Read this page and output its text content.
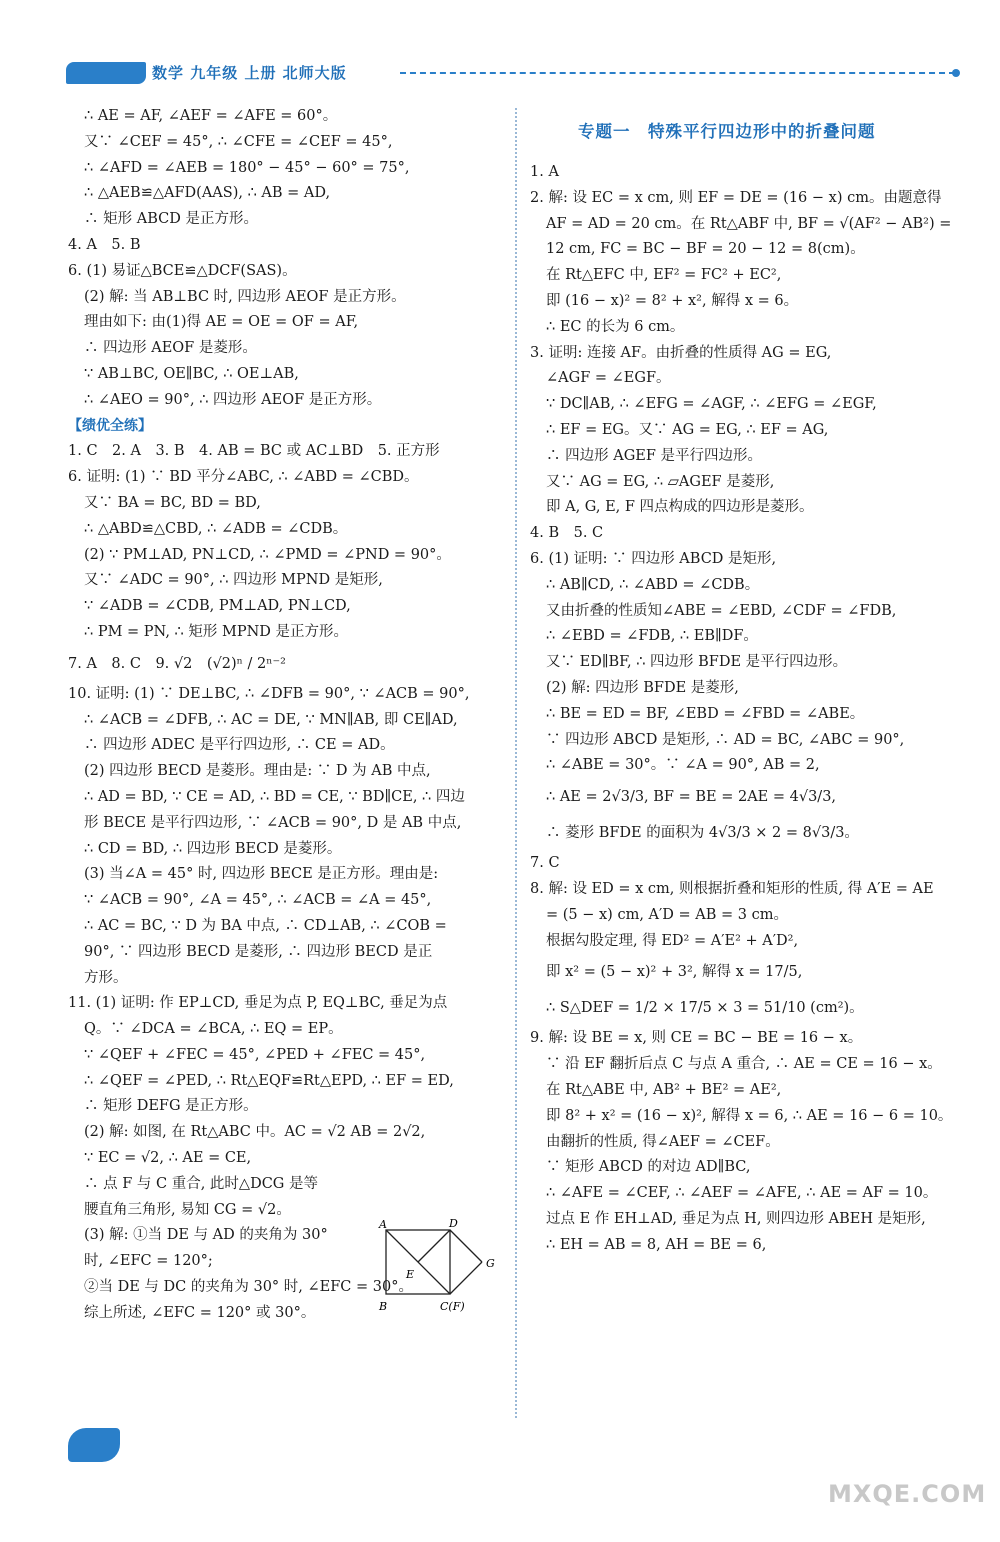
数学 九年级 上册 北师大版
专题一　特殊平行四边形中的折叠问题
∴ AE = AF, ∠AEF = ∠AFE = 60°。
又∵ ∠CEF = 45°, ∴ ∠CFE = ∠CEF = 45°,
∴ ∠AFD = ∠AEB = 180° − 45° − 60° = 75°,
∴ △AEB≌△AFD(AAS), ∴ AB = AD,
∴ 矩形 ABCD 是正方形。
4. A　5. B
6. (1) 易证△BCE≌△DCF(SAS)。
(2) 解: 当 AB⊥BC 时, 四边形 AEOF 是正方形。
理由如下: 由(1)得 AE = OE = OF = AF,
∴ 四边形 AEOF 是菱形。
∵ AB⊥BC, OE∥BC, ∴ OE⊥AB,
∴ ∠AEO = 90°, ∴ 四边形 AEOF 是正方形。
【绩优全练】
1. C　2. A　3. B　4. AB = BC 或 AC⊥BD　5. 正方形
6. 证明: (1) ∵ BD 平分∠ABC, ∴ ∠ABD = ∠CBD。
又∵ BA = BC, BD = BD,
∴ △ABD≌△CBD, ∴ ∠ADB = ∠CDB。
(2) ∵ PM⊥AD, PN⊥CD, ∴ ∠PMD = ∠PND = 90°。
又∵ ∠ADC = 90°, ∴ 四边形 MPND 是矩形,
∵ ∠ADB = ∠CDB, PM⊥AD, PN⊥CD,
∴ PM = PN, ∴ 矩形 MPND 是正方形。
7. A　8. C　9. √2　(√2)ⁿ / 2ⁿ⁻²
10. 证明: (1) ∵ DE⊥BC, ∴ ∠DFB = 90°, ∵ ∠ACB = 90°,
∴ ∠ACB = ∠DFB, ∴ AC = DE, ∵ MN∥AB, 即 CE∥AD,
∴ 四边形 ADEC 是平行四边形, ∴ CE = AD。
(2) 四边形 BECD 是菱形。理由是: ∵ D 为 AB 中点,
∴ AD = BD, ∵ CE = AD, ∴ BD = CE, ∵ BD∥CE, ∴ 四边
形 BECE 是平行四边形, ∵ ∠ACB = 90°, D 是 AB 中点,
∴ CD = BD, ∴ 四边形 BECD 是菱形。
(3) 当∠A = 45° 时, 四边形 BECE 是正方形。理由是:
∵ ∠ACB = 90°, ∠A = 45°, ∴ ∠ACB = ∠A = 45°,
∴ AC = BC, ∵ D 为 BA 中点, ∴ CD⊥AB, ∴ ∠COB =
90°, ∵ 四边形 BECD 是菱形, ∴ 四边形 BECD 是正
方形。
11. (1) 证明: 作 EP⊥CD, 垂足为点 P, EQ⊥BC, 垂足为点
Q。∵ ∠DCA = ∠BCA, ∴ EQ = EP。
∵ ∠QEF + ∠FEC = 45°, ∠PED + ∠FEC = 45°,
∴ ∠QEF = ∠PED, ∴ Rt△EQF≌Rt△EPD, ∴ EF = ED,
∴ 矩形 DEFG 是正方形。
(2) 解: 如图, 在 Rt△ABC 中。AC = √2 AB = 2√2,
∵ EC = √2, ∴ AE = CE,
∴ 点 F 与 C 重合, 此时△DCG 是等
腰直角三角形, 易知 CG = √2。
(3) 解: ①当 DE 与 AD 的夹角为 30°
时, ∠EFC = 120°;
②当 DE 与 DC 的夹角为 30° 时, ∠EFC = 30°。
综上所述, ∠EFC = 120° 或 30°。
A	D
E
G
B	C(F)
1. A
2. 解: 设 EC = x cm, 则 EF = DE = (16 − x) cm。由题意得
AF = AD = 20 cm。在 Rt△ABF 中, BF = √(AF² − AB²) =
12 cm, FC = BC − BF = 20 − 12 = 8(cm)。
在 Rt△EFC 中, EF² = FC² + EC²,
即 (16 − x)² = 8² + x², 解得 x = 6。
∴ EC 的长为 6 cm。
3. 证明: 连接 AF。由折叠的性质得 AG = EG,
∠AGF = ∠EGF。
∵ DC∥AB, ∴ ∠EFG = ∠AGF, ∴ ∠EFG = ∠EGF,
∴ EF = EG。又∵ AG = EG, ∴ EF = AG,
∴ 四边形 AGEF 是平行四边形。
又∵ AG = EG, ∴ ▱AGEF 是菱形,
即 A, G, E, F 四点构成的四边形是菱形。
4. B　5. C
6. (1) 证明: ∵ 四边形 ABCD 是矩形,
∴ AB∥CD, ∴ ∠ABD = ∠CDB。
又由折叠的性质知∠ABE = ∠EBD, ∠CDF = ∠FDB,
∴ ∠EBD = ∠FDB, ∴ EB∥DF。
又∵ ED∥BF, ∴ 四边形 BFDE 是平行四边形。
(2) 解: 四边形 BFDE 是菱形,
∴ BE = ED = BF, ∠EBD = ∠FBD = ∠ABE。
∵ 四边形 ABCD 是矩形, ∴ AD = BC, ∠ABC = 90°,
∴ ∠ABE = 30°。∵ ∠A = 90°, AB = 2,
∴ AE = 2√3/3, BF = BE = 2AE = 4√3/3,
∴ 菱形 BFDE 的面积为 4√3/3 × 2 = 8√3/3。
7. C
8. 解: 设 ED = x cm, 则根据折叠和矩形的性质, 得 A′E = AE
= (5 − x) cm, A′D = AB = 3 cm。
根据勾股定理, 得 ED² = A′E² + A′D²,
即 x² = (5 − x)² + 3², 解得 x = 17/5,
∴ S△DEF = 1/2 × 17/5 × 3 = 51/10 (cm²)。
9. 解: 设 BE = x, 则 CE = BC − BE = 16 − x。
∵ 沿 EF 翻折后点 C 与点 A 重合, ∴ AE = CE = 16 − x。
在 Rt△ABE 中, AB² + BE² = AE²,
即 8² + x² = (16 − x)², 解得 x = 6, ∴ AE = 16 − 6 = 10。
由翻折的性质, 得∠AEF = ∠CEF。
∵ 矩形 ABCD 的对边 AD∥BC,
∴ ∠AFE = ∠CEF, ∴ ∠AEF = ∠AFE, ∴ AE = AF = 10。
过点 E 作 EH⊥AD, 垂足为点 H, 则四边形 ABEH 是矩形,
∴ EH = AB = 8, AH = BE = 6,
MXQE.COM
